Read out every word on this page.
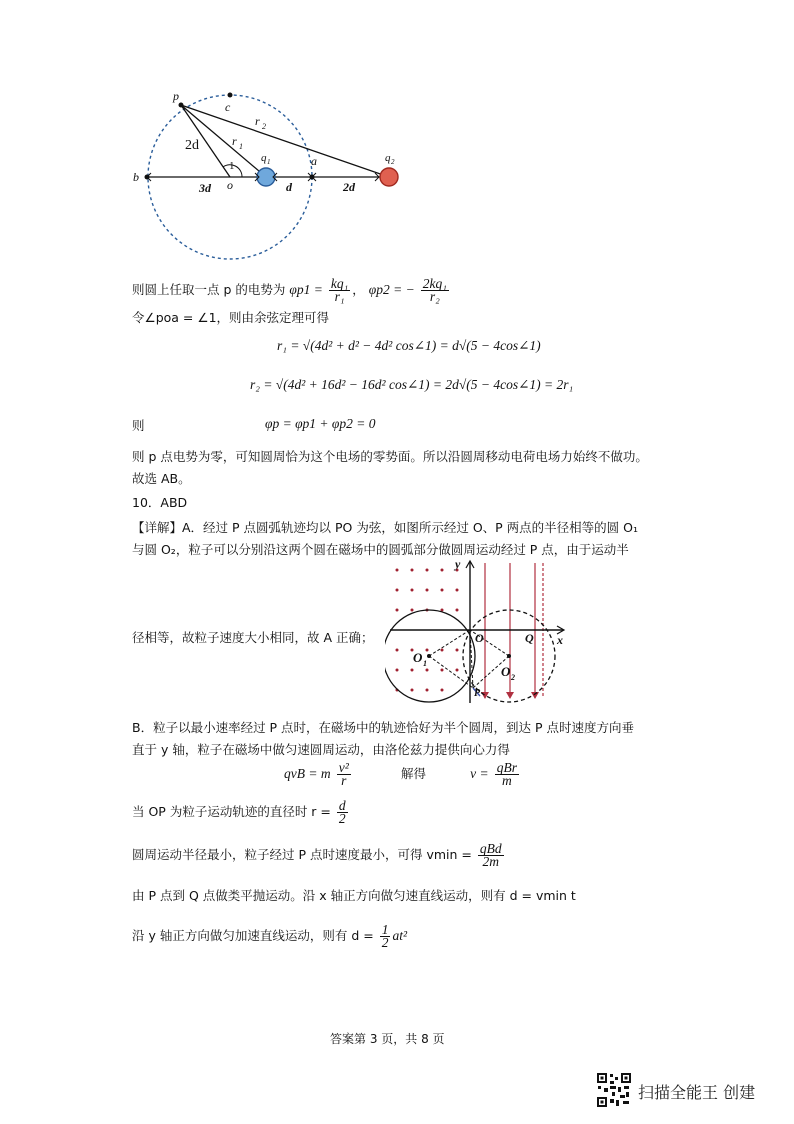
p
c
r 2
r 1
2d
1
q 1	a	q 2
b
3d o	d	2d
则圆上任取一点 p 的电势为 $\varphi p1 = \frac{\text{kq₁}}{\text{r₁}}$ ， φp2 = − $\frac{\text{2kq₁}}{\text{r₂}}$
令∠poa = ∠1，则由余弦定理可得
r₁ = √(4d² + d² − 4d² cos∠1) = d√(5 − 4cos∠1)
r₂ = √(4d² + 16d² − 16d² cos∠1) = 2d√(5 − 4cos∠1) = 2r₁
则	φp = φp1 + φp2 = 0
则 p 点电势为零，可知圆周恰为这个电场的零势面。所以沿圆周移动电荷电场力始终不做功。
故选 AB。
10．ABD
【详解】A．经过 P 点圆弧轨迹均以 PO 为弦，如图所示经过 O、P 两点的半径相等的圆 O₁
与圆 O₂，粒子可以分别沿这两个圆在磁场中的圆弧部分做圆周运动经过 P 点，由于运动半
径相等，故粒子速度大小相同，故 A 正确；
y
x
O	Q
O 1
O 2
P
B．粒子以最小速率经过 P 点时，在磁场中的轨迹恰好为半个圆周，到达 P 点时速度方向垂
直于 y 轴，粒子在磁场中做匀速圆周运动，由洛伦兹力提供向心力得
qvB = m $\frac{\text{v²}}{r}$	解得	$v = \frac{\text{qBr}}{m}$
当 OP 为粒子运动轨迹的直径时 $r = \frac{d}{2}$
圆周运动半径最小，粒子经过 P 点时速度最小，可得 $vmin = \frac{\text{qBd}}{2m}$
由 P 点到 Q 点做类平抛运动。沿 x 轴正方向做匀速直线运动，则有 d = vmin t
沿 y 轴正方向做匀加速直线运动，则有 $d = \frac{1}{2} at^2$
答案第 3 页，共 8 页
扫描全能王 创建
